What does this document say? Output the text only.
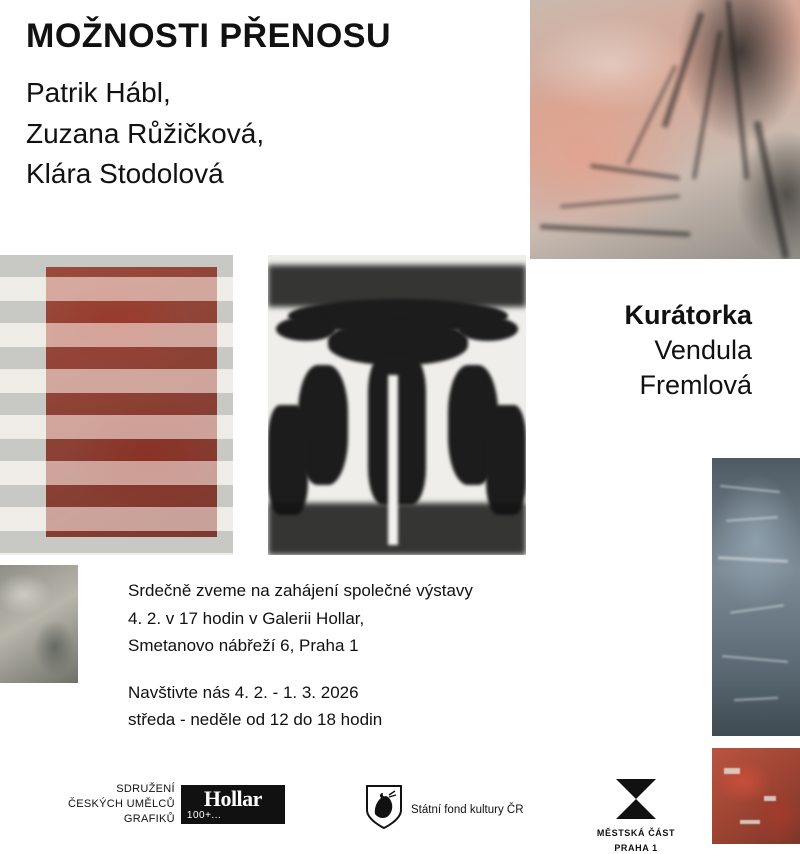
MOŽNOSTI PŘENOSU
Patrik Hábl,
Zuzana Růžičková,
Klára Stodolová
Kurátorka
Vendula
Fremlová
Srdečně zveme na zahájení společné výstavy
4. 2. v 17 hodin v Galerii Hollar,
Smetanovo nábřeží 6, Praha 1
Navštivte nás 4. 2. - 1. 3. 2026
středa - neděle od 12 do 18 hodin
SDRUŽENÍ
ČESKÝCH UMĚLCŮ
GRAFIKŮ
Hollar
100+...	Státní fond kultury ČR
MĚSTSKÁ ČÁST
PRAHA 1
